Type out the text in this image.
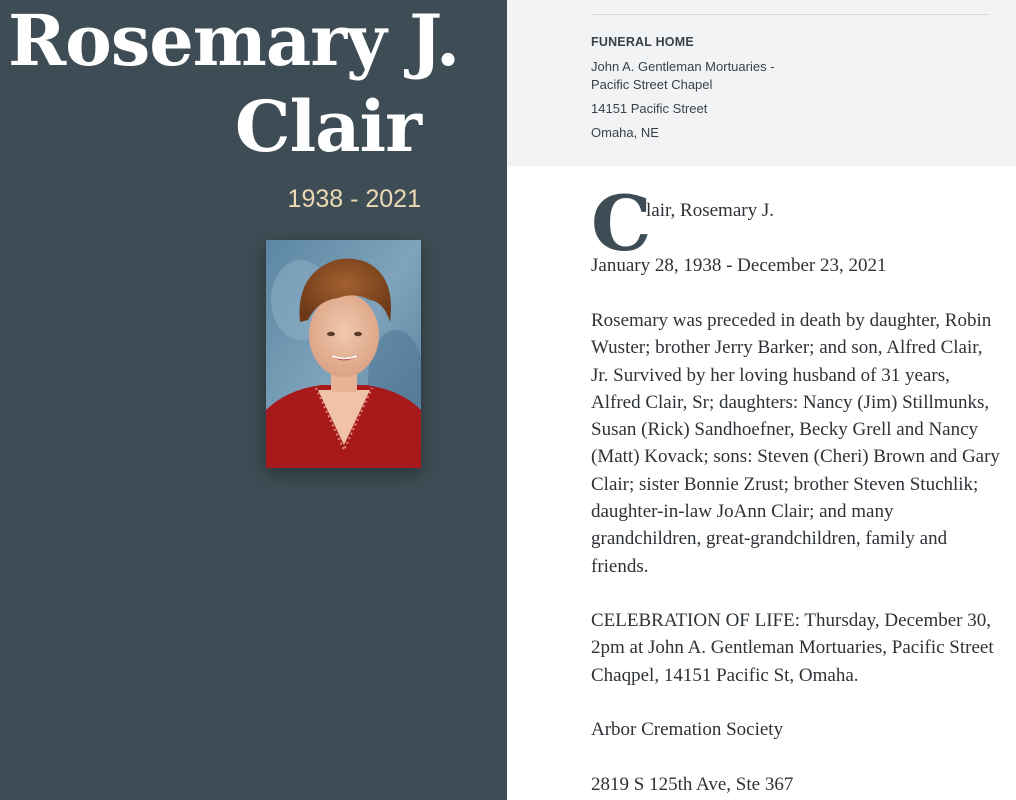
Rosemary J.
Clair
1938 - 2021
FUNERAL HOME
John A. Gentleman Mortuaries -
Pacific Street Chapel
14151 Pacific Street
Omaha, NE
C
lair, Rosemary J.
January 28, 1938 - December 23, 2021
Rosemary was preceded in death by daughter, Robin Wuster; brother Jerry Barker; and son, Alfred Clair, Jr. Survived by her loving husband of 31 years, Alfred Clair, Sr; daughters: Nancy (Jim) Stillmunks, Susan (Rick) Sandhoefner, Becky Grell and Nancy (Matt) Kovack; sons: Steven (Cheri) Brown and Gary Clair; sister Bonnie Zrust; brother Steven Stuchlik; daughter-in-law JoAnn Clair; and many grandchildren, great-grandchildren, family and friends.
CELEBRATION OF LIFE: Thursday, December 30, 2pm at John A. Gentleman Mortuaries, Pacific Street Chaqpel, 14151 Pacific St, Omaha.
Arbor Cremation Society
2819 S 125th Ave, Ste 367
